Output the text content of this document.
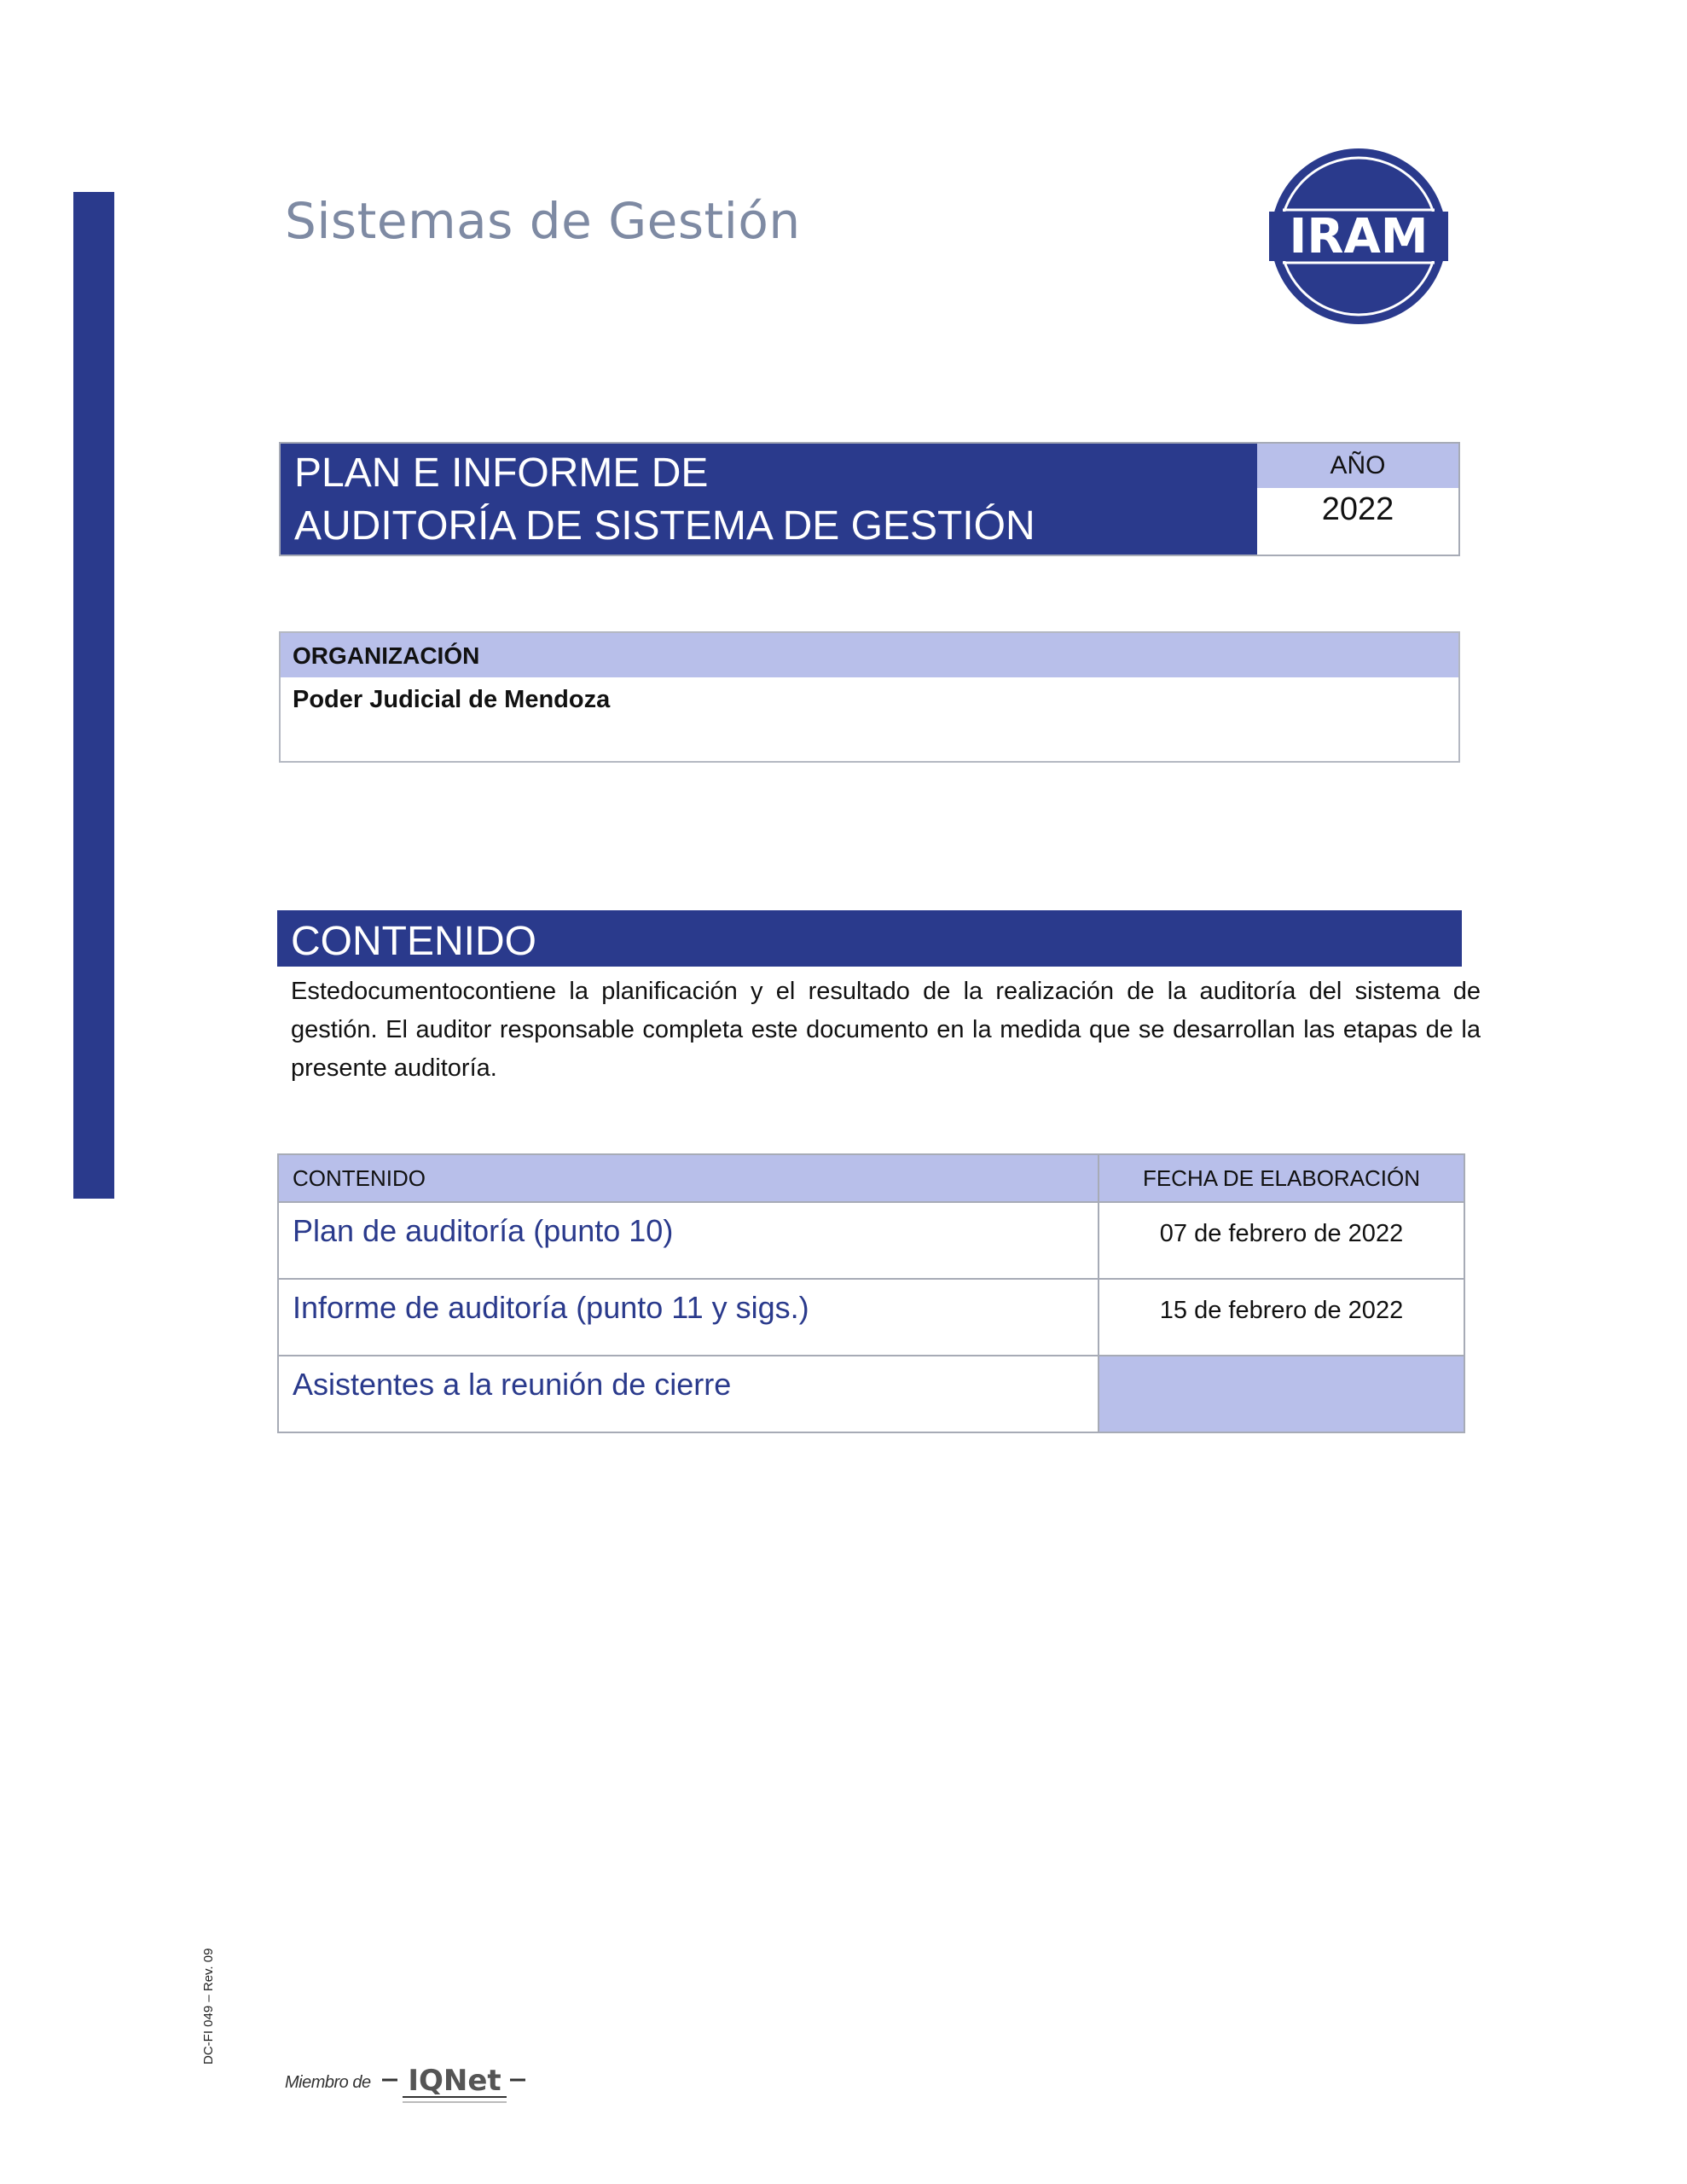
Sistemas de Gestión	IRAM
PLAN E INFORME DE
AUDITORÍA DE SISTEMA DE GESTIÓN
AÑO
2022
ORGANIZACIÓN
Poder Judicial de Mendoza
CONTENIDO
Estedocumentocontiene la planificación y el resultado de la realización de la auditoría del sistema de gestión. El auditor responsable completa este documento en la medida que se desarrollan las etapas de la presente auditoría.
CONTENIDO	FECHA DE ELABORACIÓN
Plan de auditoría (punto 10)	07 de febrero de 2022
Informe de auditoría (punto 11 y sigs.)	15 de febrero de 2022
Asistentes a la reunión de cierre	
DC-FI 049 – Rev. 09
Miembro de IQNet
